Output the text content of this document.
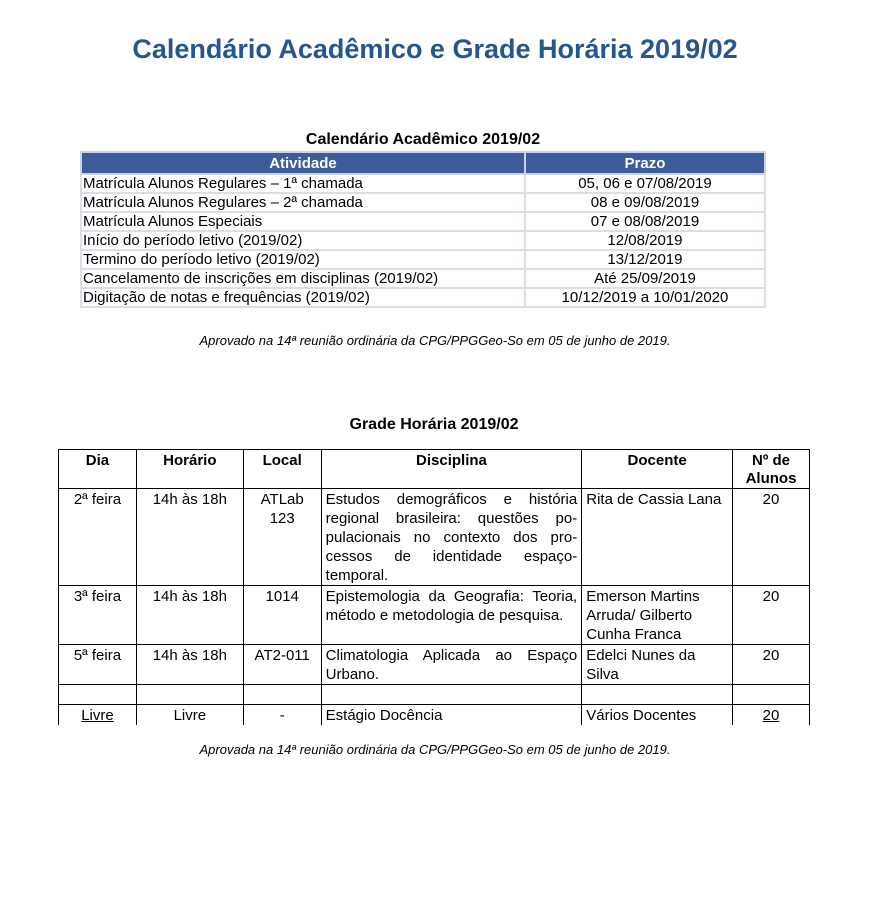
Calendário Acadêmico e Grade Horária 2019/02
Calendário Acadêmico 2019/02
Atividade	Prazo
Matrícula Alunos Regulares – 1ª chamada	05, 06 e 07/08/2019
Matrícula Alunos Regulares – 2ª chamada	08 e 09/08/2019
Matrícula Alunos Especiais	07 e 08/08/2019
Início do período letivo (2019/02)	12/08/2019
Termino do período letivo (2019/02)	13/12/2019
Cancelamento de inscrições em disciplinas (2019/02)	Até 25/09/2019
Digitação de notas e frequências (2019/02)	10/12/2019 a 10/01/2020
Aprovado na 14ª reunião ordinária da CPG/PPGGeo-So em 05 de junho de 2019.
Grade Horária 2019/02
Dia	Horário	Local	Disciplina	Docente	Nº de Alunos
2ª feira	14h às 18h	ATLab 123	Estudos demográficos e história regional brasileira: questões populacionais no contexto dos processos de identidade espaço-temporal.	Rita de Cassia Lana	20
3ª feira	14h às 18h	1014	Epistemologia da Geografia: Teoria, método e metodologia de pesquisa.	Emerson Martins Arruda/ Gilberto Cunha Franca	20
5ª feira	14h às 18h	AT2-011	Climatologia Aplicada ao Espaço Urbano.	Edelci Nunes da Silva	20

Livre	Livre	-	Estágio Docência	Vários Docentes	20
Aprovada na 14ª reunião ordinária da CPG/PPGGeo-So em 05 de junho de 2019.
